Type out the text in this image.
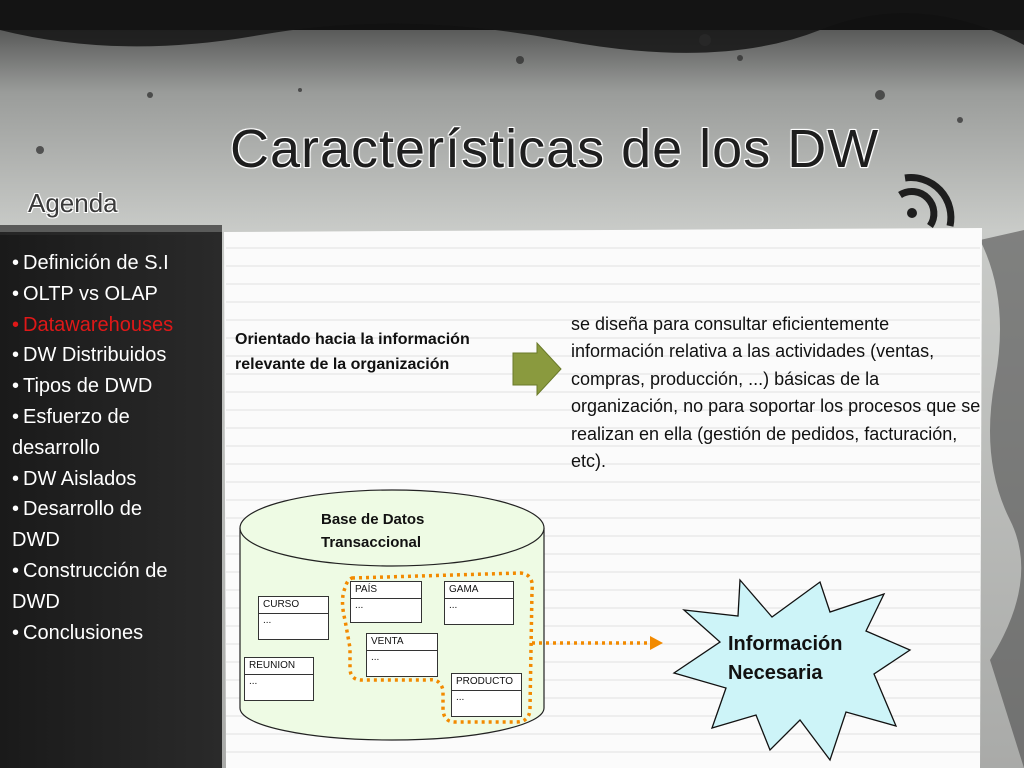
Características de los DW
Agenda
• Definición de S.I
• OLTP vs OLAP
• Datawarehouses
• DW Distribuidos
• Tipos de DWD
• Esfuerzo de
desarrollo
• DW Aislados
• Desarrollo de
DWD
• Construcción de
DWD
• Conclusiones
Orientado hacia la información relevante de la organización
se diseña para consultar eficientemente información relativa a las actividades (ventas, compras, producción, ...) básicas de la organización, no para soportar los procesos que se realizan en ella (gestión de pedidos, facturación, etc).
Base de Datos Transaccional
CURSO
...
REUNION
...
PAÍS
...
GAMA
...
VENTA
...
PRODUCTO
...
Información Necesaria
